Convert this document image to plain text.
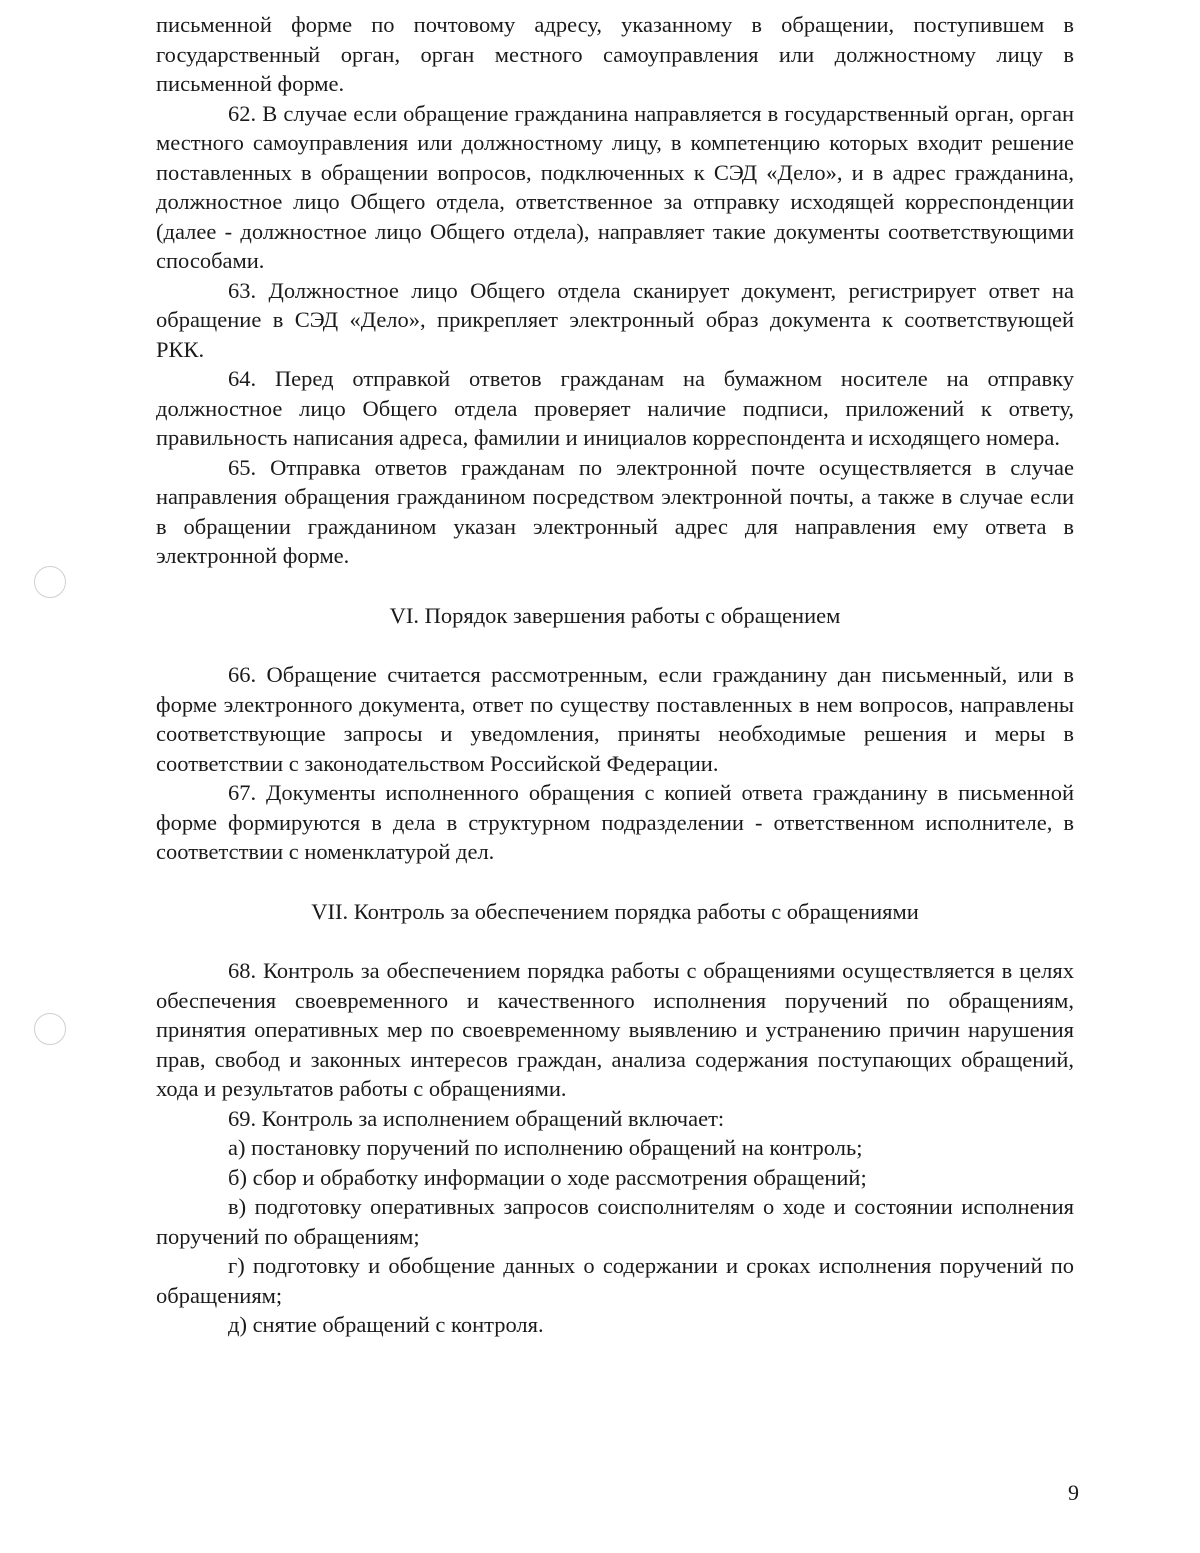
письменной форме по почтовому адресу, указанному в обращении, поступившем в государственный орган, орган местного самоуправления или должностному лицу в письменной форме.

62. В случае если обращение гражданина направляется в государственный орган, орган местного самоуправления или должностному лицу, в компетенцию которых входит решение поставленных в обращении вопросов, подключенных к СЭД «Дело», и в адрес гражданина, должностное лицо Общего отдела, ответственное за отправку исходящей корреспонденции (далее - должностное лицо Общего отдела), направляет такие документы соответствующими способами.

63. Должностное лицо Общего отдела сканирует документ, регистрирует ответ на обращение в СЭД «Дело», прикрепляет электронный образ документа к соответствующей РКК.

64. Перед отправкой ответов гражданам на бумажном носителе на отправку должностное лицо Общего отдела проверяет наличие подписи, приложений к ответу, правильность написания адреса, фамилии и инициалов корреспондента и исходящего номера.

65. Отправка ответов гражданам по электронной почте осуществляется в случае направления обращения гражданином посредством электронной почты, а также в случае если в обращении гражданином указан электронный адрес для направления ему ответа в электронной форме.

VI. Порядок завершения работы с обращением

66. Обращение считается рассмотренным, если гражданину дан письменный, или в форме электронного документа, ответ по существу поставленных в нем вопросов, направлены соответствующие запросы и уведомления, приняты необходимые решения и меры в соответствии с законодательством Российской Федерации.

67. Документы исполненного обращения с копией ответа гражданину в письменной форме формируются в дела в структурном подразделении - ответственном исполнителе, в соответствии с номенклатурой дел.

VII. Контроль за обеспечением порядка работы с обращениями

68. Контроль за обеспечением порядка работы с обращениями осуществляется в целях обеспечения своевременного и качественного исполнения поручений по обращениям, принятия оперативных мер по своевременному выявлению и устранению причин нарушения прав, свобод и законных интересов граждан, анализа содержания поступающих обращений, хода и результатов работы с обращениями.

69. Контроль за исполнением обращений включает:

а) постановку поручений по исполнению обращений на контроль;

б) сбор и обработку информации о ходе рассмотрения обращений;

в) подготовку оперативных запросов соисполнителям о ходе и состоянии исполнения поручений по обращениям;

г) подготовку и обобщение данных о содержании и сроках исполнения поручений по обращениям;

д) снятие обращений с контроля.

9
